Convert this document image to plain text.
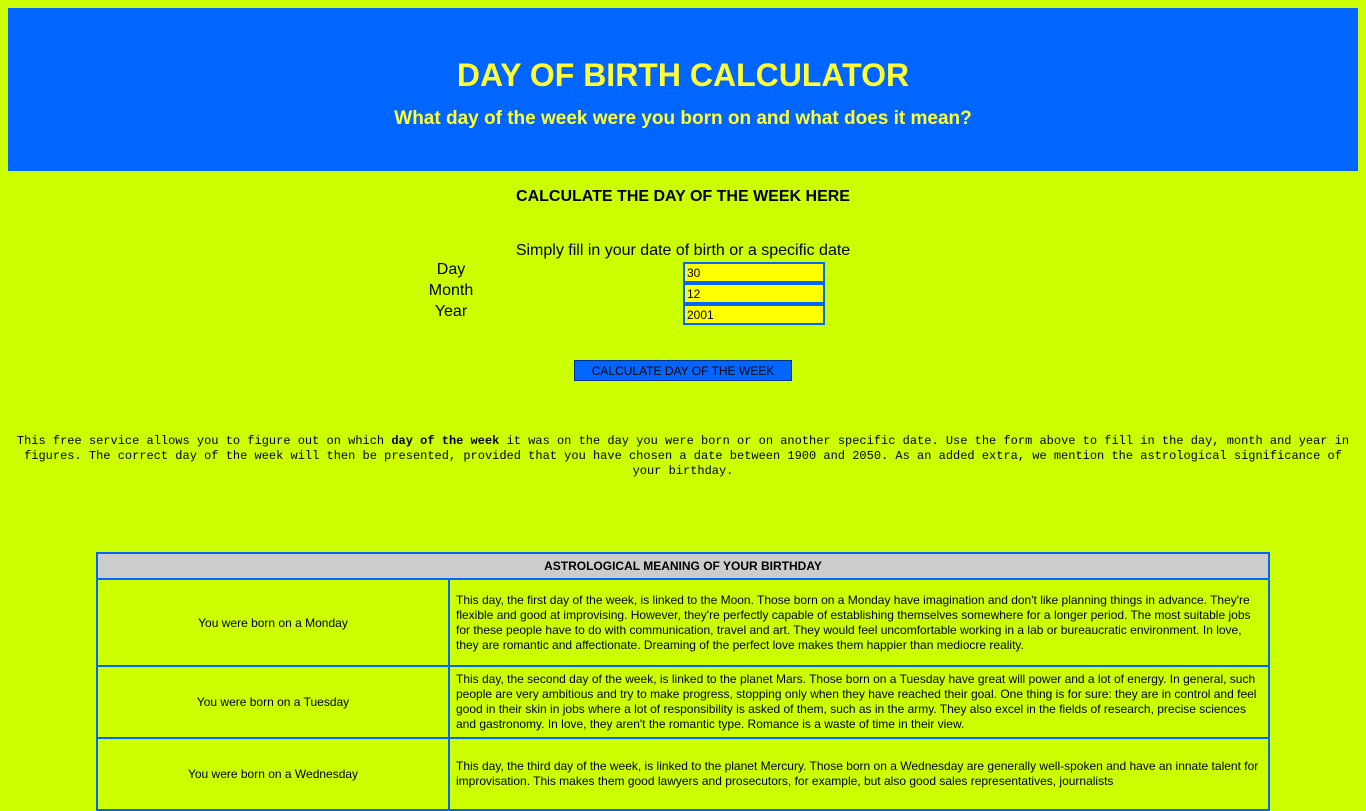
DAY OF BIRTH CALCULATOR
What day of the week were you born on and what does it mean?
CALCULATE THE DAY OF THE WEEK HERE
Simply fill in your date of birth or a specific date
Day
30
Month
12
Year
2001
CALCULATE DAY OF THE WEEK
This free service allows you to figure out on which day of the week it was on the day you were born or on another specific date. Use the form above to fill in the day, month and year in figures. The correct day of the week will then be presented, provided that you have chosen a date between 1900 and 2050. As an added extra, we mention the astrological significance of your birthday.
ASTROLOGICAL MEANING OF YOUR BIRTHDAY	
You were born on a Monday	This day, the first day of the week, is linked to the Moon. Those born on a Monday have imagination and don't like planning things in advance. They're flexible and good at improvising. However, they're perfectly capable of establishing themselves somewhere for a longer period. The most suitable jobs for these people have to do with communication, travel and art. They would feel uncomfortable working in a lab or bureaucratic environment. In love, they are romantic and affectionate. Dreaming of the perfect love makes them happier than mediocre reality.
You were born on a Tuesday	This day, the second day of the week, is linked to the planet Mars. Those born on a Tuesday have great will power and a lot of energy. In general, such people are very ambitious and try to make progress, stopping only when they have reached their goal. One thing is for sure: they are in control and feel good in their skin in jobs where a lot of responsibility is asked of them, such as in the army. They also excel in the fields of research, precise sciences and gastronomy. In love, they aren't the romantic type. Romance is a waste of time in their view.
You were born on a Wednesday	This day, the third day of the week, is linked to the planet Mercury. Those born on a Wednesday are generally well-spoken and have an innate talent for improvisation. This makes them good lawyers and prosecutors, for example, but also good sales representatives, journalists
